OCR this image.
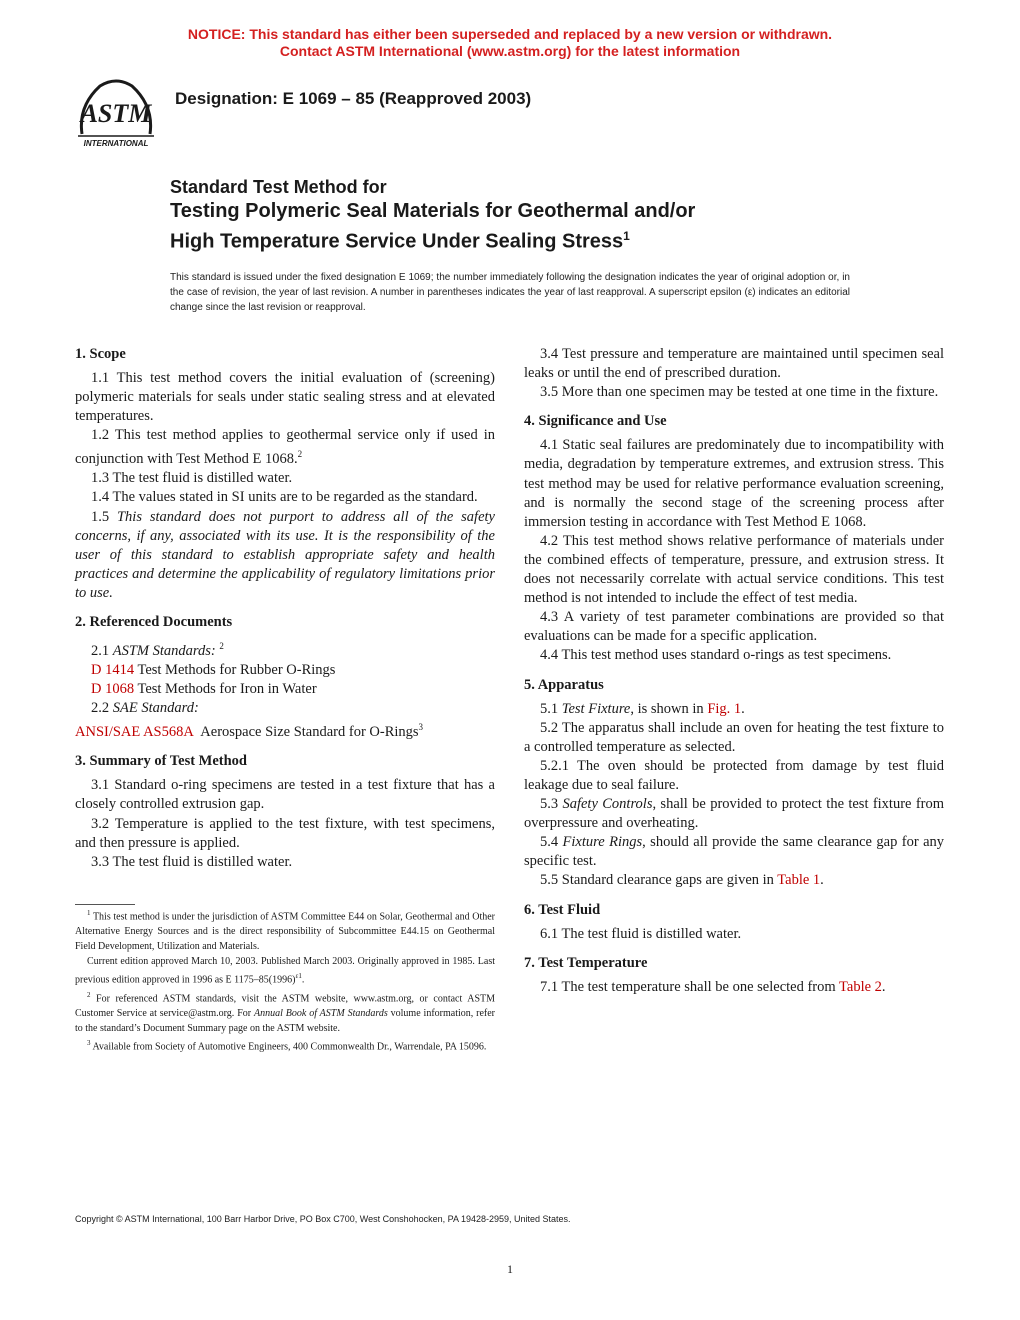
NOTICE: This standard has either been superseded and replaced by a new version or withdrawn.
Contact ASTM International (www.astm.org) for the latest information
ASTM
INTERNATIONAL
Designation: E 1069 – 85 (Reapproved 2003)
Standard Test Method for
Testing Polymeric Seal Materials for Geothermal and/or
High Temperature Service Under Sealing Stress$^1$
This standard is issued under the fixed designation E 1069; the number immediately following the designation indicates the year of original adoption or, in the case of revision, the year of last revision. A number in parentheses indicates the year of last reapproval. A superscript epsilon (ε) indicates an editorial change since the last revision or reapproval.
1. Scope

1.1 This test method covers the initial evaluation of (screening) polymeric materials for seals under static sealing stress and at elevated temperatures.

1.2 This test method applies to geothermal service only if used in conjunction with Test Method E 1068.$^2$

1.3 The test fluid is distilled water.

1.4 The values stated in SI units are to be regarded as the standard.

1.5 This standard does not purport to address all of the safety concerns, if any, associated with its use. It is the responsibility of the user of this standard to establish appropriate safety and health practices and determine the applicability of regulatory limitations prior to use.

2. Referenced Documents

2.1 ASTM Standards: $^2$

D 1414 Test Methods for Rubber O-Rings

D 1068 Test Methods for Iron in Water

2.2 SAE Standard:

ANSI/SAE AS568A Aerospace Size Standard for O-Rings$^3$

3. Summary of Test Method

3.1 Standard o-ring specimens are tested in a test fixture that has a closely controlled extrusion gap.

3.2 Temperature is applied to the test fixture, with test specimens, and then pressure is applied.

3.3 The test fluid is distilled water.

3.4 Test pressure and temperature are maintained until specimen seal leaks or until the end of prescribed duration.

3.5 More than one specimen may be tested at one time in the fixture.

4. Significance and Use

4.1 Static seal failures are predominately due to incompatibility with media, degradation by temperature extremes, and extrusion stress. This test method may be used for relative performance evaluation screening, and is normally the second stage of the screening process after immersion testing in accordance with Test Method E 1068.

4.2 This test method shows relative performance of materials under the combined effects of temperature, pressure, and extrusion stress. It does not necessarily correlate with actual service conditions. This test method is not intended to include the effect of test media.

4.3 A variety of test parameter combinations are provided so that evaluations can be made for a specific application.

4.4 This test method uses standard o-rings as test specimens.

5. Apparatus

5.1 Test Fixture, is shown in Fig. 1.

5.2 The apparatus shall include an oven for heating the test fixture to a controlled temperature as selected.

5.2.1 The oven should be protected from damage by test fluid leakage due to seal failure.

5.3 Safety Controls, shall be provided to protect the test fixture from overpressure and overheating.

5.4 Fixture Rings, should all provide the same clearance gap for any specific test.

5.5 Standard clearance gaps are given in Table 1.

6. Test Fluid

6.1 The test fluid is distilled water.

7. Test Temperature

7.1 The test temperature shall be one selected from Table 2.

$^1$ This test method is under the jurisdiction of ASTM Committee E44 on Solar, Geothermal and Other Alternative Energy Sources and is the direct responsibility of Subcommittee E44.15 on Geothermal Field Development, Utilization and Materials.

Current edition approved March 10, 2003. Published March 2003. Originally approved in 1985. Last previous edition approved in 1996 as E $1175-85(1996)^{\varepsilon 1}$.

$^2$ For referenced ASTM standards, visit the ASTM website, www.astm.org, or contact ASTM Customer Service at service@astm.org. For Annual Book of ASTM Standards volume information, refer to the standard’s Document Summary page on the ASTM website.

$^3$ Available from Society of Automotive Engineers, 400 Commonwealth Dr., Warrendale, PA 15096.

Copyright © ASTM International, 100 Barr Harbor Drive, PO Box C700, West Conshohocken, PA 19428-2959, United States.
1
